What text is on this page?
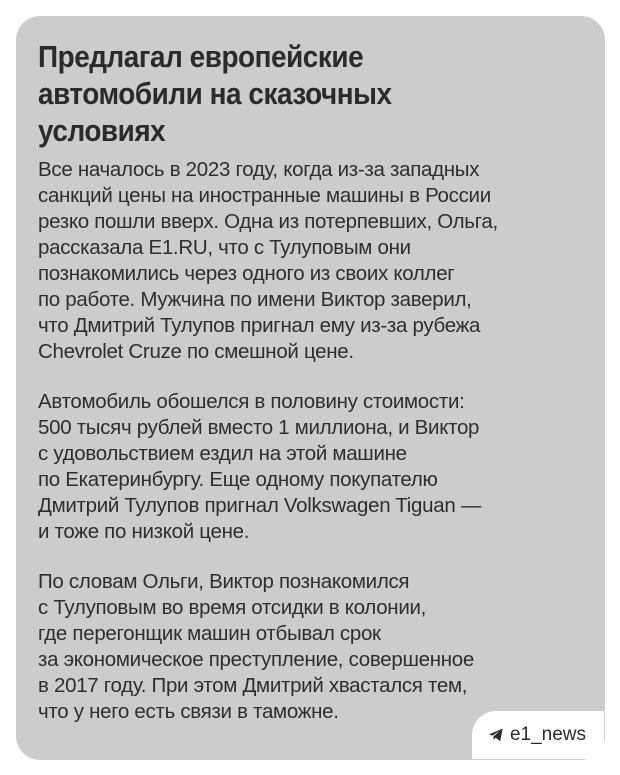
Предлагал европейские
автомобили на сказочных
условиях

Все началось в 2023 году, когда из-за западных
санкций цены на иностранные машины в России
резко пошли вверх. Одна из потерпевших, Ольга,
рассказала E1.RU, что с Тулуповым они
познакомились через одного из своих коллег
по работе. Мужчина по имени Виктор заверил,
что Дмитрий Тулупов пригнал ему из-за рубежа
Chevrolet Cruze по смешной цене.

Автомобиль обошелся в половину стоимости:
500 тысяч рублей вместо 1 миллиона, и Виктор
с удовольствием ездил на этой машине
по Екатеринбургу. Еще одному покупателю
Дмитрий Тулупов пригнал Volkswagen Tiguan —
и тоже по низкой цене.

По словам Ольги, Виктор познакомился
с Тулуповым во время отсидки в колонии,
где перегонщик машин отбывал срок
за экономическое преступление, совершенное
в 2017 году. При этом Дмитрий хвастался тем,
что у него есть связи в таможне.

e1_news
